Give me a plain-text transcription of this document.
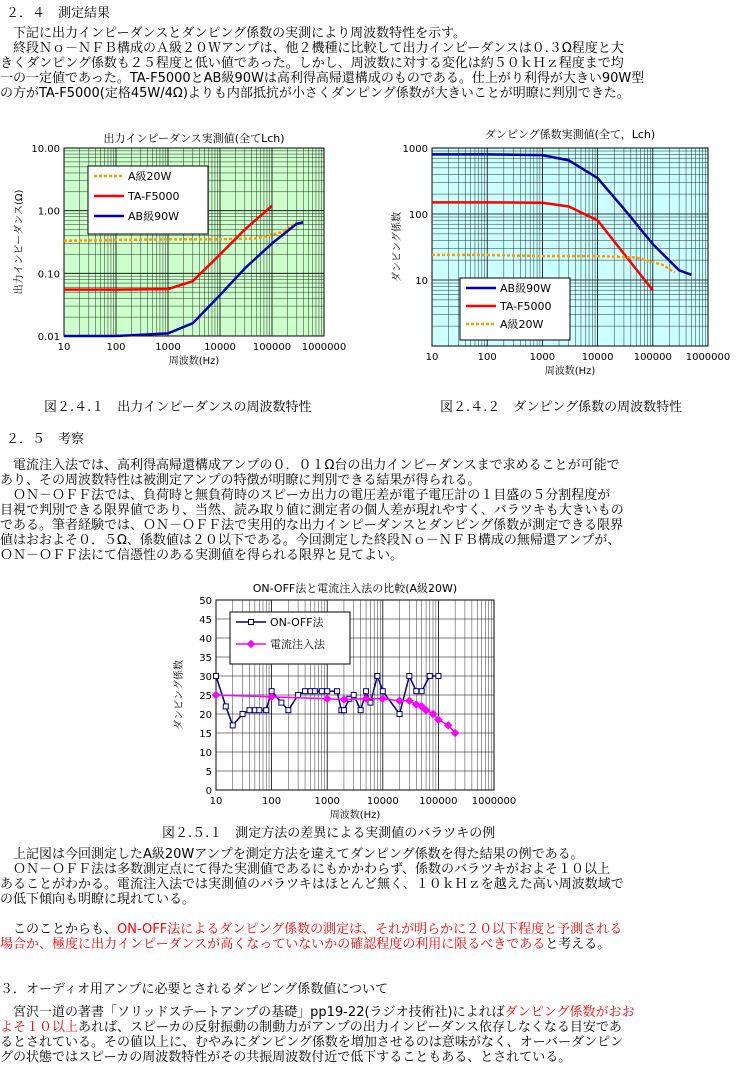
２．４　測定結果
　下記に出力インピーダンスとダンピング係数の実測により周波数特性を示す。
　終段Ｎｏ－ＮＦＢ構成のＡ級２０Ｗアンプは、他２機種に比較して出力インピーダンスは０.３Ω程度と大
きくダンピング係数も２５程度と低い値であった。しかし、周波数に対する変化は約５０ｋＨｚ程度まで均
一の一定値であった。TA-F5000とAB級90Wは高利得高帰還構成のものである。仕上がり利得が大きい90W型
の方がTA-F5000(定格45W/4Ω)よりも内部抵抗が小さくダンピング係数が大きいことが明瞭に判別できた。
出力インピーダンス実測値(全てLch)
10	100	1000 10000 100000 1000000
10.00
1.00
0.10
0.01
周波数(Hz)
出力インピーダンス(Ω)
A級20W
TA-F5000
AB級90W
ダンピング係数実測値(全て，Lch)
10	100	1000	10000 100000 1000000
1000
100
10
周波数(Hz)
ダンピング係数
AB級90W
TA-F5000
A級20W
図２.４.１　出力インピーダンスの周波数特性	図２.４.２　ダンピング係数の周波数特性
２．５　考察
　電流注入法では、高利得高帰還構成アンプの０．０１Ω台の出力インピーダンスまで求めることが可能で
あり、その周波数特性は被測定アンプの特徴が明瞭に判別できる結果が得られる。
　ＯＮ－ＯＦＦ法では、負荷時と無負荷時のスピーカ出力の電圧差が電子電圧計の１目盛の５分割程度が
目視で判別できる限界値であり、当然、読み取り値に測定者の個人差が現れやすく、バラツキも大きいもの
である。筆者経験では、ＯＮ－ＯＦＦ法で実用的な出力インピーダンスとダンピング係数が測定できる限界
値はおおよそ０．５Ω、係数値は２０以下である。今回測定した終段Ｎｏ－ＮＦＢ構成の無帰還アンプが、
ＯＮ－ＯＦＦ法にて信憑性のある実測値を得られる限界と見てよい。
ON-OFF法と電流注入法の比較(A級20W)
10	100	1000	10000 100000 1000000
0
5
10
15
20
25
30
35
40
45
50
周波数(Hz)
ダンピング係数
ON-OFF法
電流注入法
図２.５.１　測定方法の差異による実測値のバラツキの例
　上記図は今回測定したA級20Wアンプを測定方法を違えてダンピング係数を得た結果の例である。
　ＯＮ－ＯＦＦ法は多数測定点にて得た実測値であるにもかかわらず、係数のバラツキがおよそ１０以上
あることがわかる。電流注入法では実測値のバラツキはほとんど無く、１０ｋＨｚを越えた高い周波数域で
の低下傾向も明瞭に現れている。
　このことからも、ON-OFF法によるダンピング係数の測定は、それが明らかに２０以下程度と予測される
場合か、極度に出力インピーダンスが高くなっていないかの確認程度の利用に限るべきであると考える。
３．オーディオ用アンプに必要とされるダンピング係数値について
　宮沢一道の著書「ソリッドステートアンプの基礎」pp19-22(ラジオ技術社)によればダンピング係数がおお
よそ１０以上あれば、スピーカの反射振動の制動力がアンプの出力インピーダンス依存しなくなる目安であ
るとされている。その値以上に、むやみにダンピング係数を増加させるのは意味がなく、オーバーダンピン
グの状態ではスピーカの周波数特性がその共振周波数付近で低下することもある、とされている。
